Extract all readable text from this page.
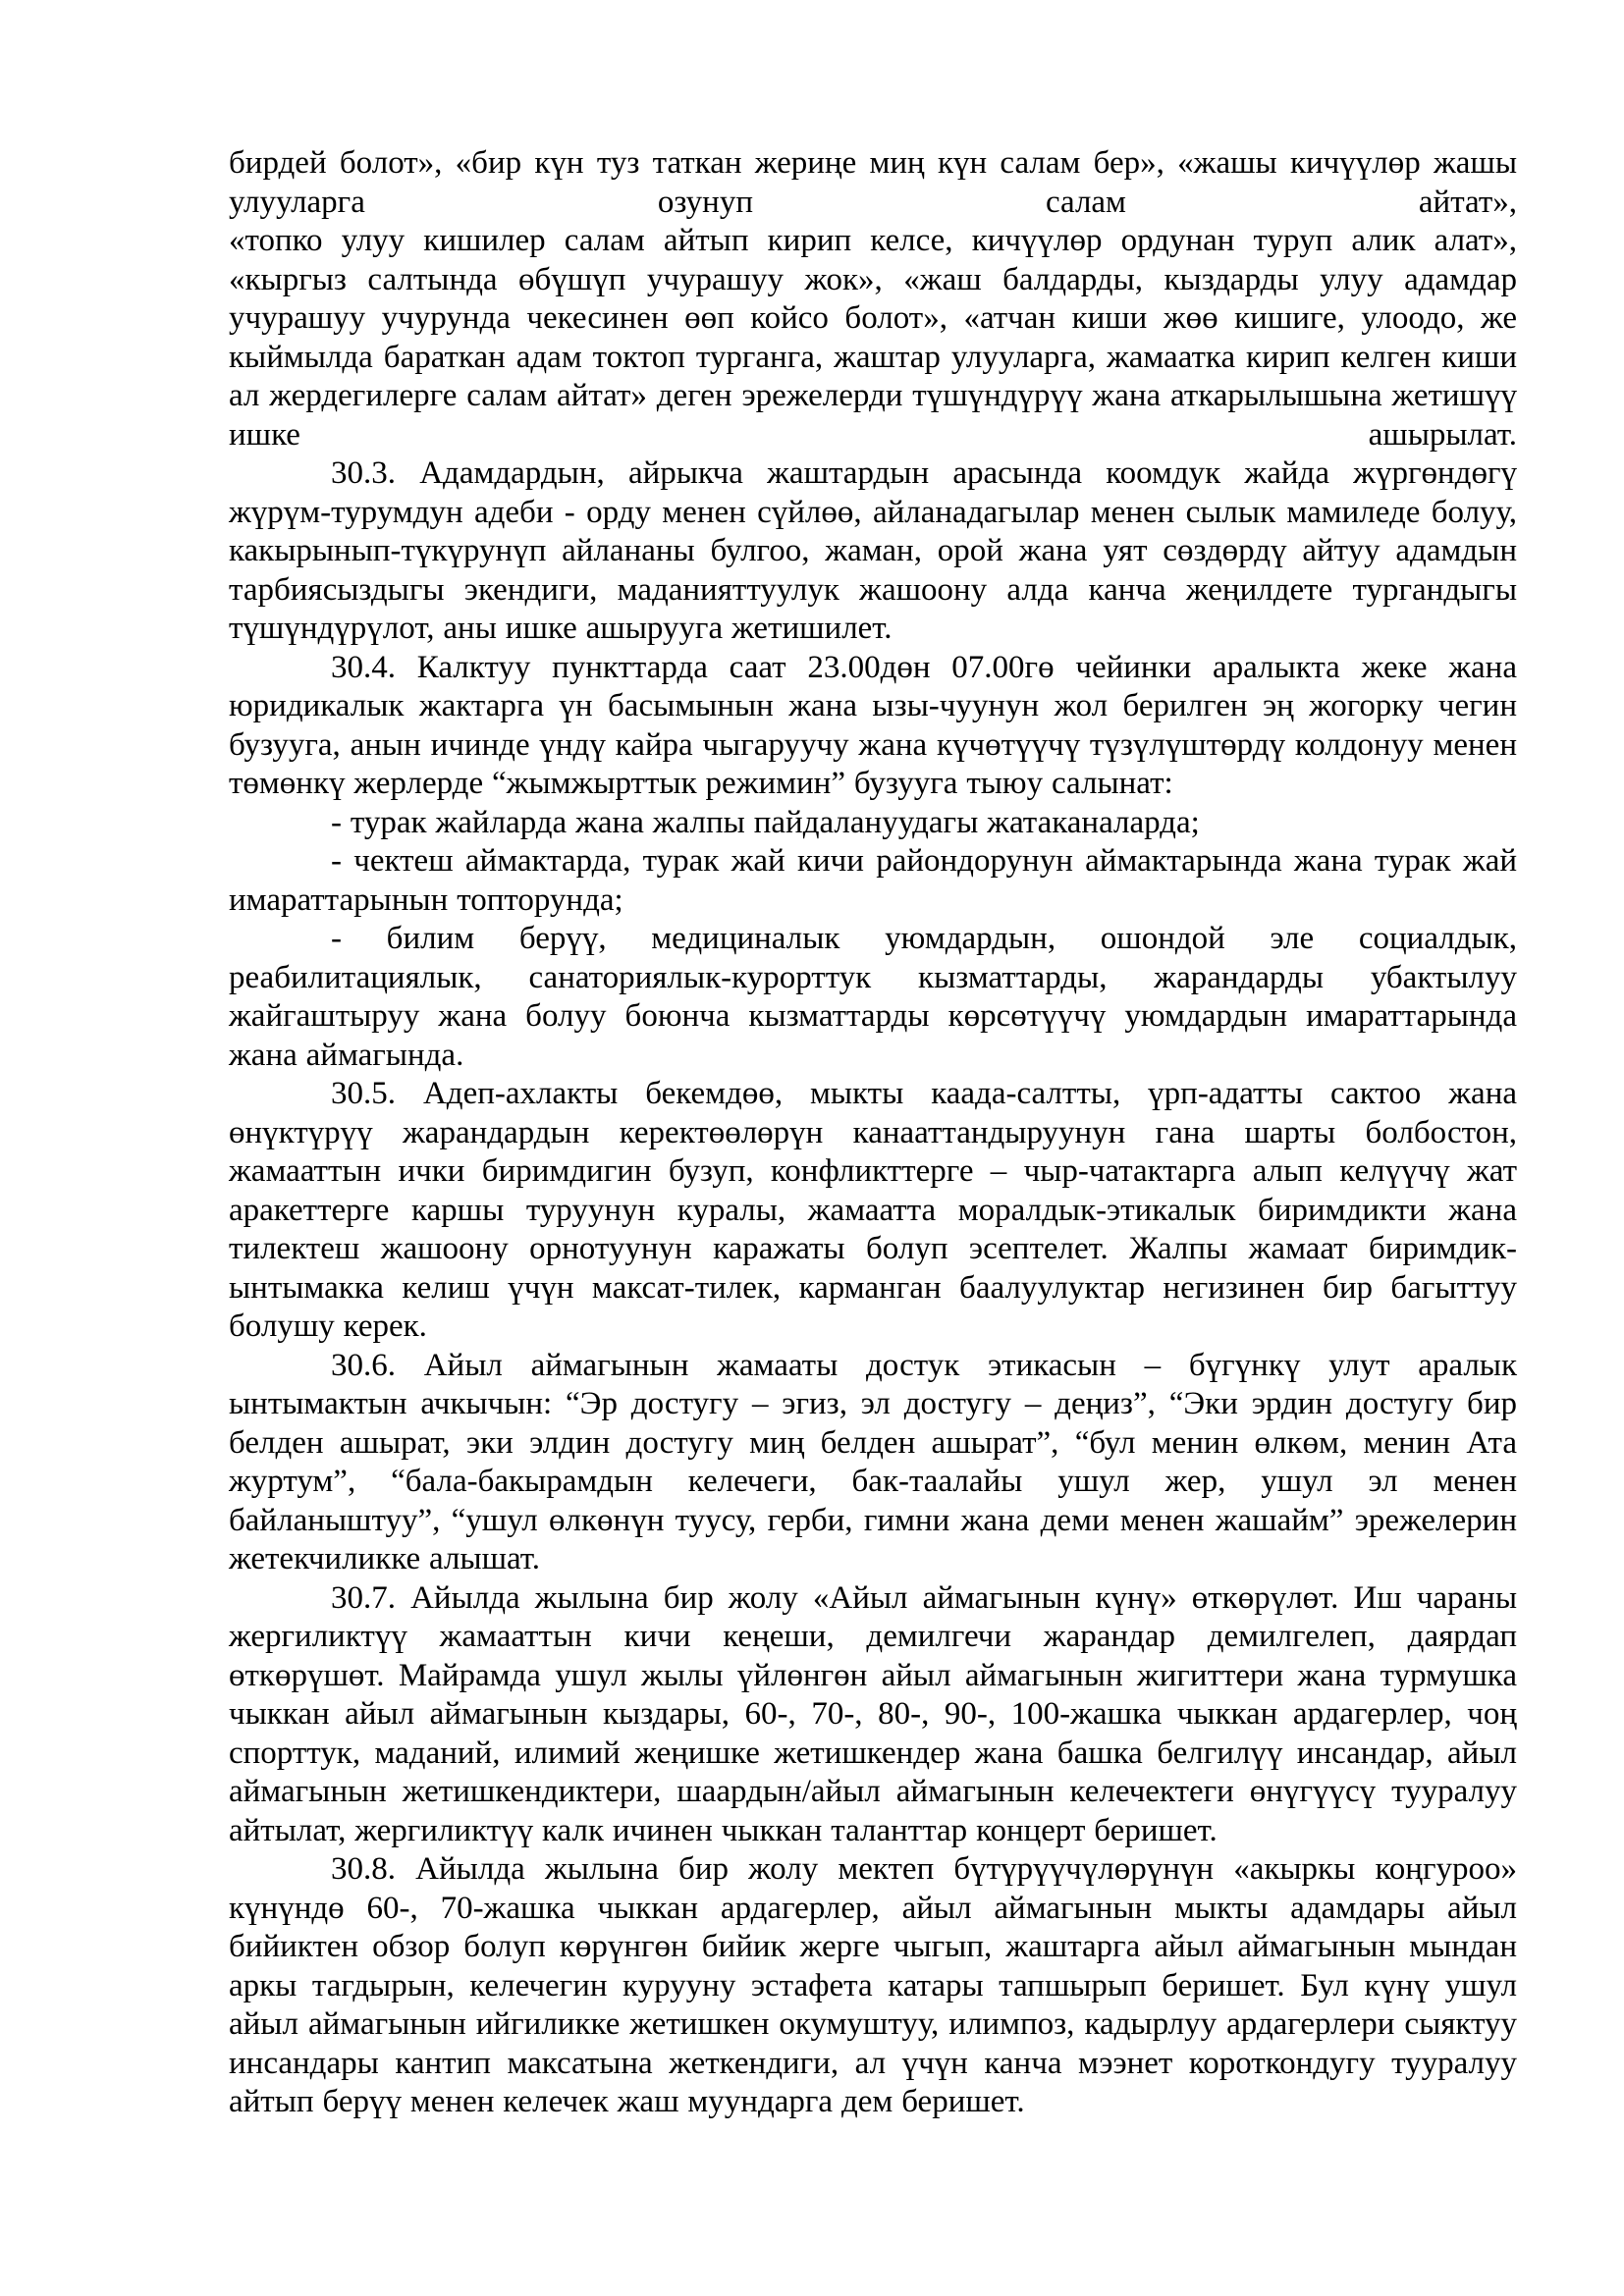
бирдей болот», «бир күн туз таткан жериңе миң күн салам бер», «жашы кичүүлөр жашы улууларга озунуп салам айтат»,
«топко улуу кишилер салам айтып кирип келсе, кичүүлөр ордунан туруп алик алат», «кыргыз салтында өбүшүп учурашуу жок», «жаш балдарды, кыздарды улуу адамдар учурашуу учурунда чекесинен өөп койсо болот», «атчан киши жөө кишиге, улоодо, же кыймылда бараткан адам токтоп турганга, жаштар улууларга, жамаатка кирип келген киши ал жердегилерге салам айтат» деген эрежелерди түшүндүрүү жана аткарылышына жетишүү ишке ашырылат.

30.3. Адамдардын, айрыкча жаштардын арасында коомдук жайда жүргөндөгү жүрүм-турумдун адеби - орду менен сүйлөө, айланадагылар менен сылык мамиледе болуу, какырынып-түкүрунүп айлананы булгоо, жаман, орой жана уят сөздөрдү айтуу адамдын тарбиясыздыгы экендиги, маданияттуулук жашоону алда канча жеңилдете тургандыгы түшүндүрүлот, аны ишке ашырууга жетишилет.

30.4. Калктуу пункттарда саат 23.00дөн 07.00гө чейинки аралыкта жеке жана юридикалык жактарга үн басымынын жана ызы-чуунун жол берилген эң жогорку чегин бузууга, анын ичинде үндү кайра чыгаруучу жана күчөтүүчү түзүлүштөрдү колдонуу менен төмөнкү жерлерде “жымжырттык режимин” бузууга тыюу салынат:

- турак жайларда жана жалпы пайдалануудагы жатаканаларда;

- чектеш аймактарда, турак жай кичи райондорунун аймактарында жана турак жай имараттарынын топторунда;

- билим берүү, медициналык уюмдардын, ошондой эле социалдык, реабилитациялык, санаториялык-курорттук кызматтарды, жарандарды убактылуу жайгаштыруу жана болуу боюнча кызматтарды көрсөтүүчү уюмдардын имараттарында жана аймагында.

30.5. Адеп-ахлакты бекемдөө, мыкты каада-салтты, үрп-адатты сактоо жана өнүктүрүү жарандардын керектөөлөрүн канааттандыруунун гана шарты болбостон, жамааттын ички биримдигин бузуп, конфликттерге – чыр-чатактарга алып келүүчү жат аракеттерге каршы туруунун куралы, жамаатта моралдык-этикалык биримдикти жана тилектеш жашоону орнотуунун каражаты болуп эсептелет. Жалпы жамаат биримдик-ынтымакка келиш үчүн максат-тилек, карманган баалуулуктар негизинен бир багыттуу болушу керек.

30.6. Айыл аймагынын жамааты достук этикасын – бүгүнкү улут аралык ынтымактын ачкычын: “Эр достугу – эгиз, эл достугу – деңиз”, “Эки эрдин достугу бир белден ашырат, эки элдин достугу миң белден ашырат”, “бул менин өлкөм, менин Ата журтум”, “бала-бакырамдын келечеги, бак-таалайы ушул жер, ушул эл менен байланыштуу”, “ушул өлкөнүн туусу, герби, гимни жана деми менен жашайм” эрежелерин жетекчиликке алышат.

30.7. Айылда жылына бир жолу «Айыл аймагынын күнү» өткөрүлөт. Иш чараны жергиликтүү жамааттын кичи кеңеши, демилгечи жарандар демилгелеп, даярдап өткөрүшөт. Майрамда ушул жылы үйлөнгөн айыл аймагынын жигиттери жана турмушка чыккан айыл аймагынын кыздары, 60-, 70-, 80-, 90-, 100-жашка чыккан ардагерлер, чоң спорттук, маданий, илимий жеңишке жетишкендер жана башка белгилүү инсандар, айыл аймагынын жетишкендиктери, шаардын/айыл аймагынын келечектеги өнүгүүсү тууралуу айтылат, жергиликтүү калк ичинен чыккан таланттар концерт беришет.

30.8. Айылда жылына бир жолу мектеп бүтүрүүчүлөрүнүн «акыркы коңгуроо» күнүндө 60-, 70-жашка чыккан ардагерлер, айыл аймагынын мыкты адамдары айыл бийиктен обзор болуп көрүнгөн бийик жерге чыгып, жаштарга айыл аймагынын мындан аркы тагдырын, келечегин курууну эстафета катары тапшырып беришет. Бул күнү ушул айыл аймагынын ийгиликке жетишкен окумуштуу, илимпоз, кадырлуу ардагерлери сыяктуу инсандары кантип максатына жеткендиги, ал үчүн канча мээнет короткондугу тууралуу айтып берүү менен келечек жаш муундарга дем беришет.
